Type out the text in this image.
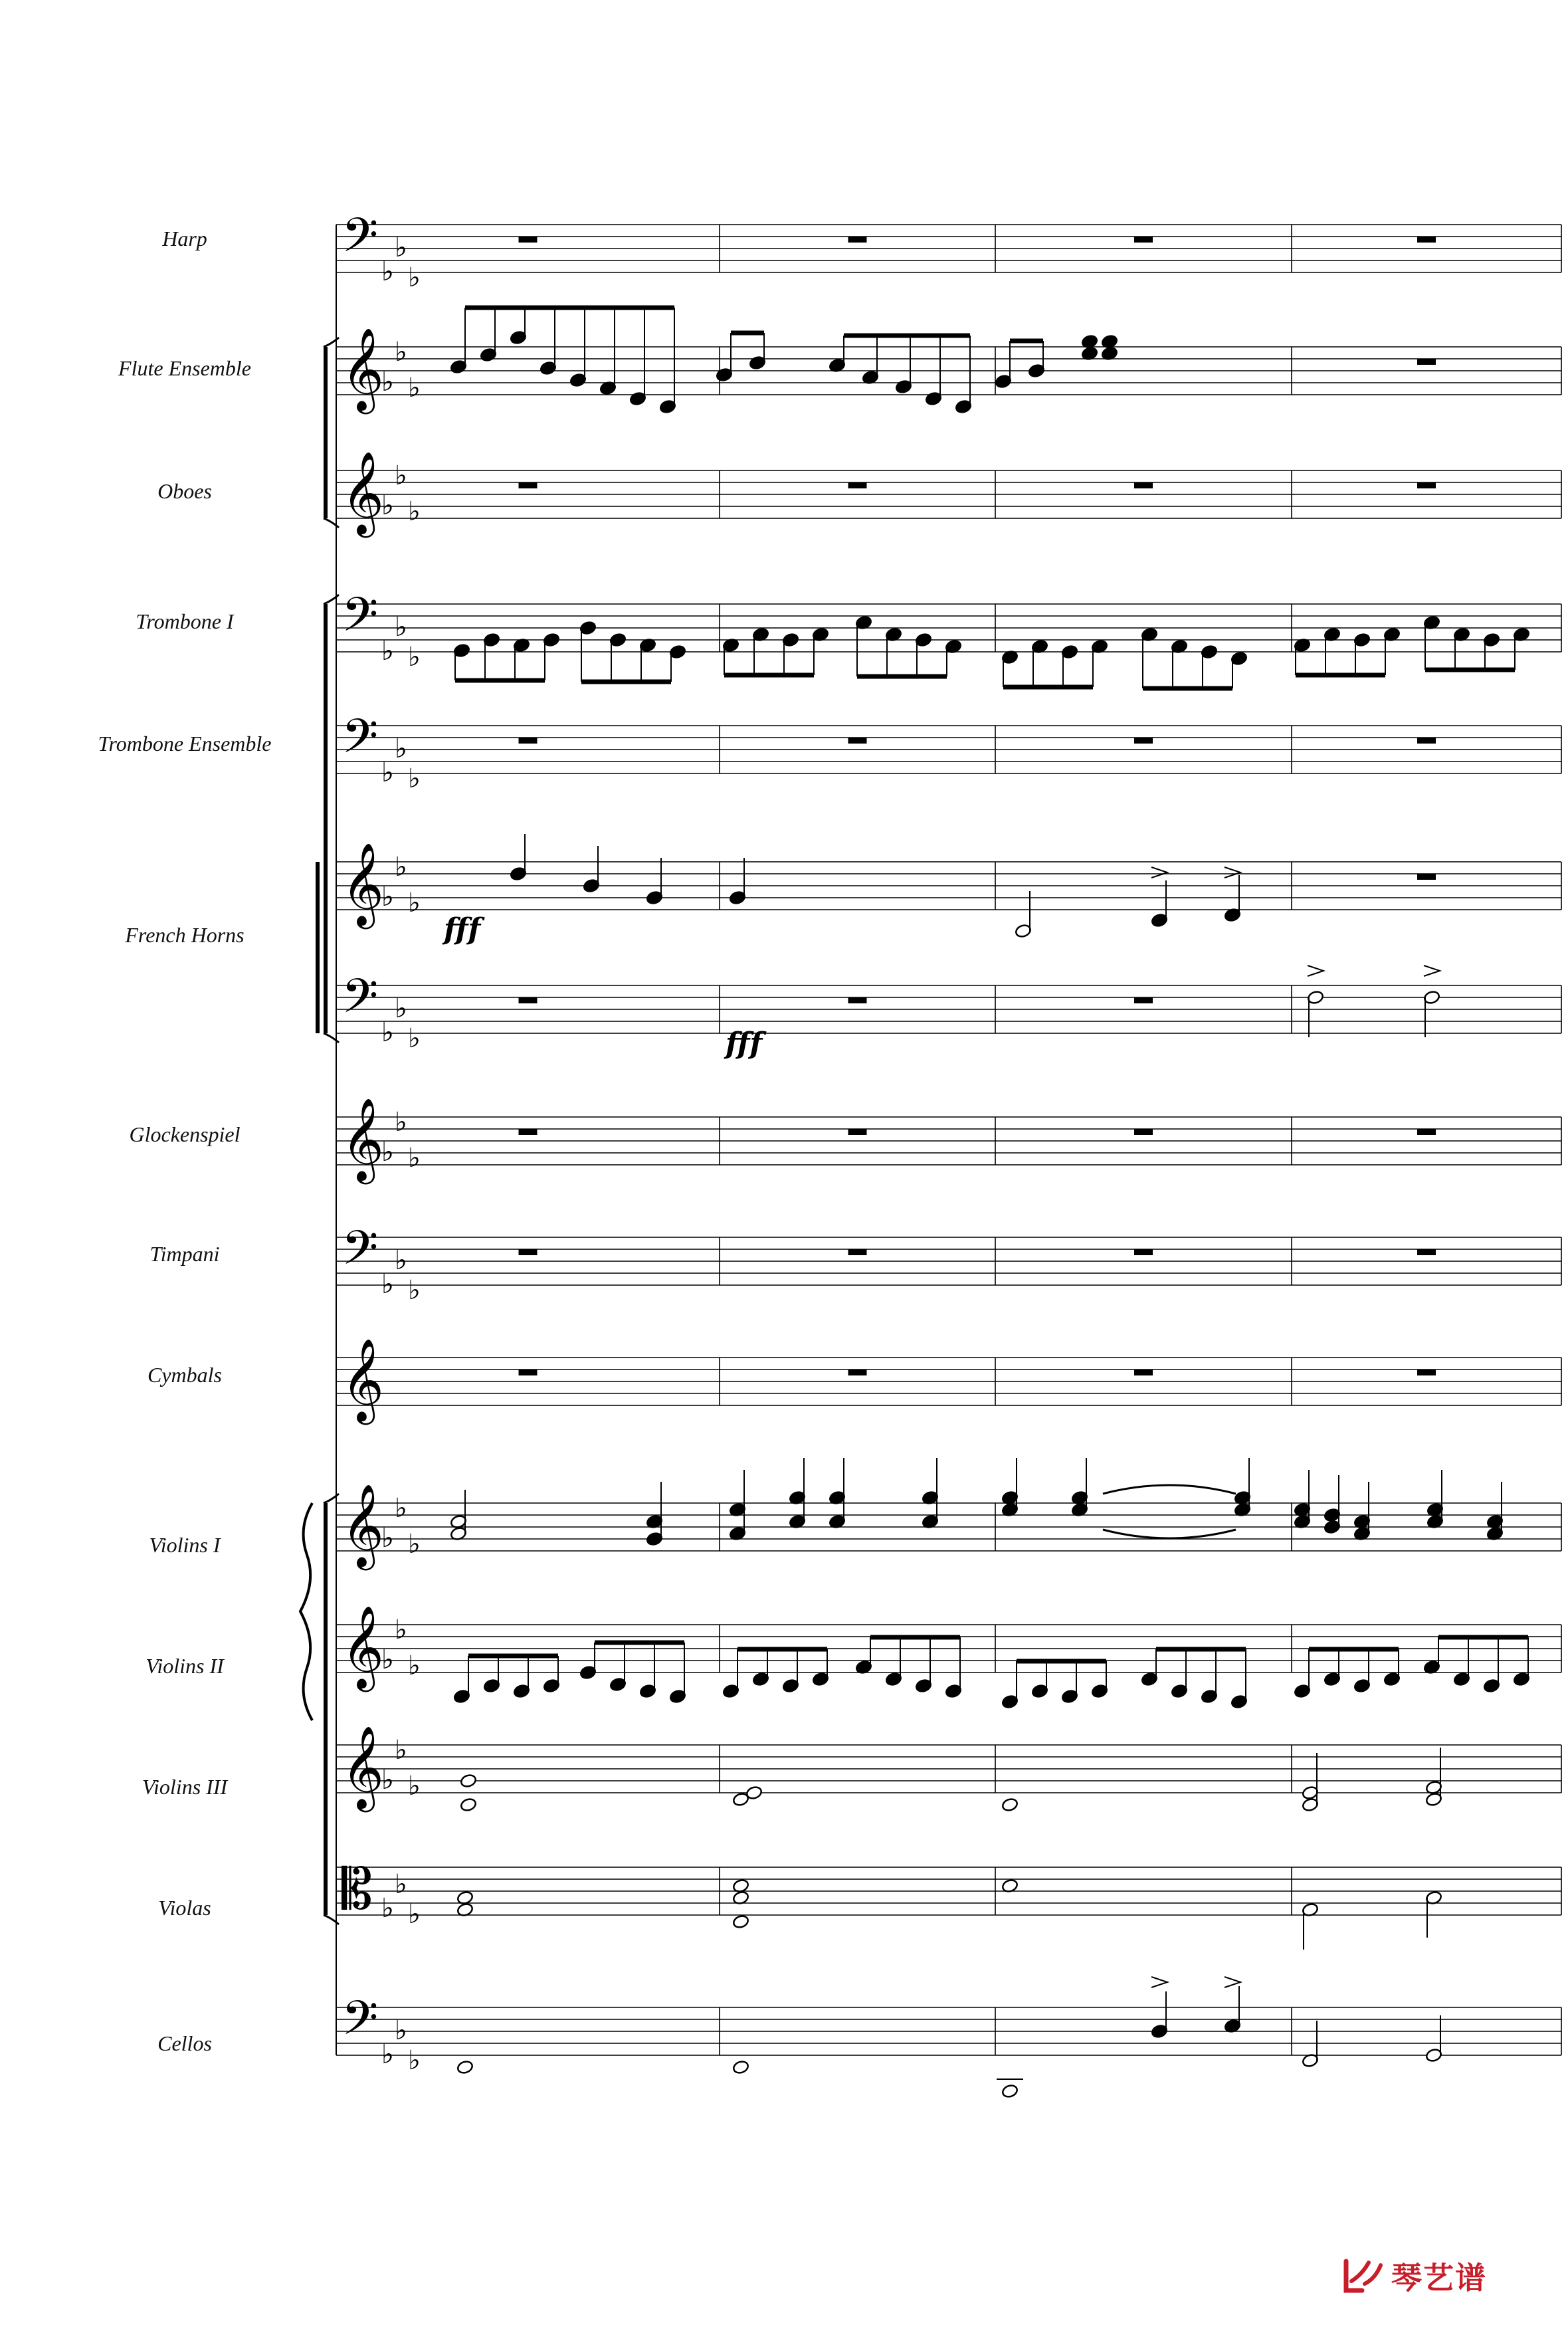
Harp
Flute Ensemble
Oboes
Trombone I
Trombone Ensemble
French Horns
Glockenspiel
Timpani
Cymbals
Violins I
Violins II
Violins III
Violas
Cellos
𝄢 ♭
♭
♭
𝄞
♭
♭
♭
𝄞
♭
♭
♭
𝄢 ♭
♭
♭
𝄢 ♭
♭
♭
𝄞
♭
♭
♭
𝄢 ♭
♭
♭
𝄞
♭
♭
♭
𝄢 ♭
♭
♭
𝄞
𝄞
♭
♭
♭
𝄞
♭
♭
♭
𝄞
♭
♭
♭
𝄡 ♭
♭
♭
𝄢 ♭
♭
♭
fff
fff
琴艺谱
